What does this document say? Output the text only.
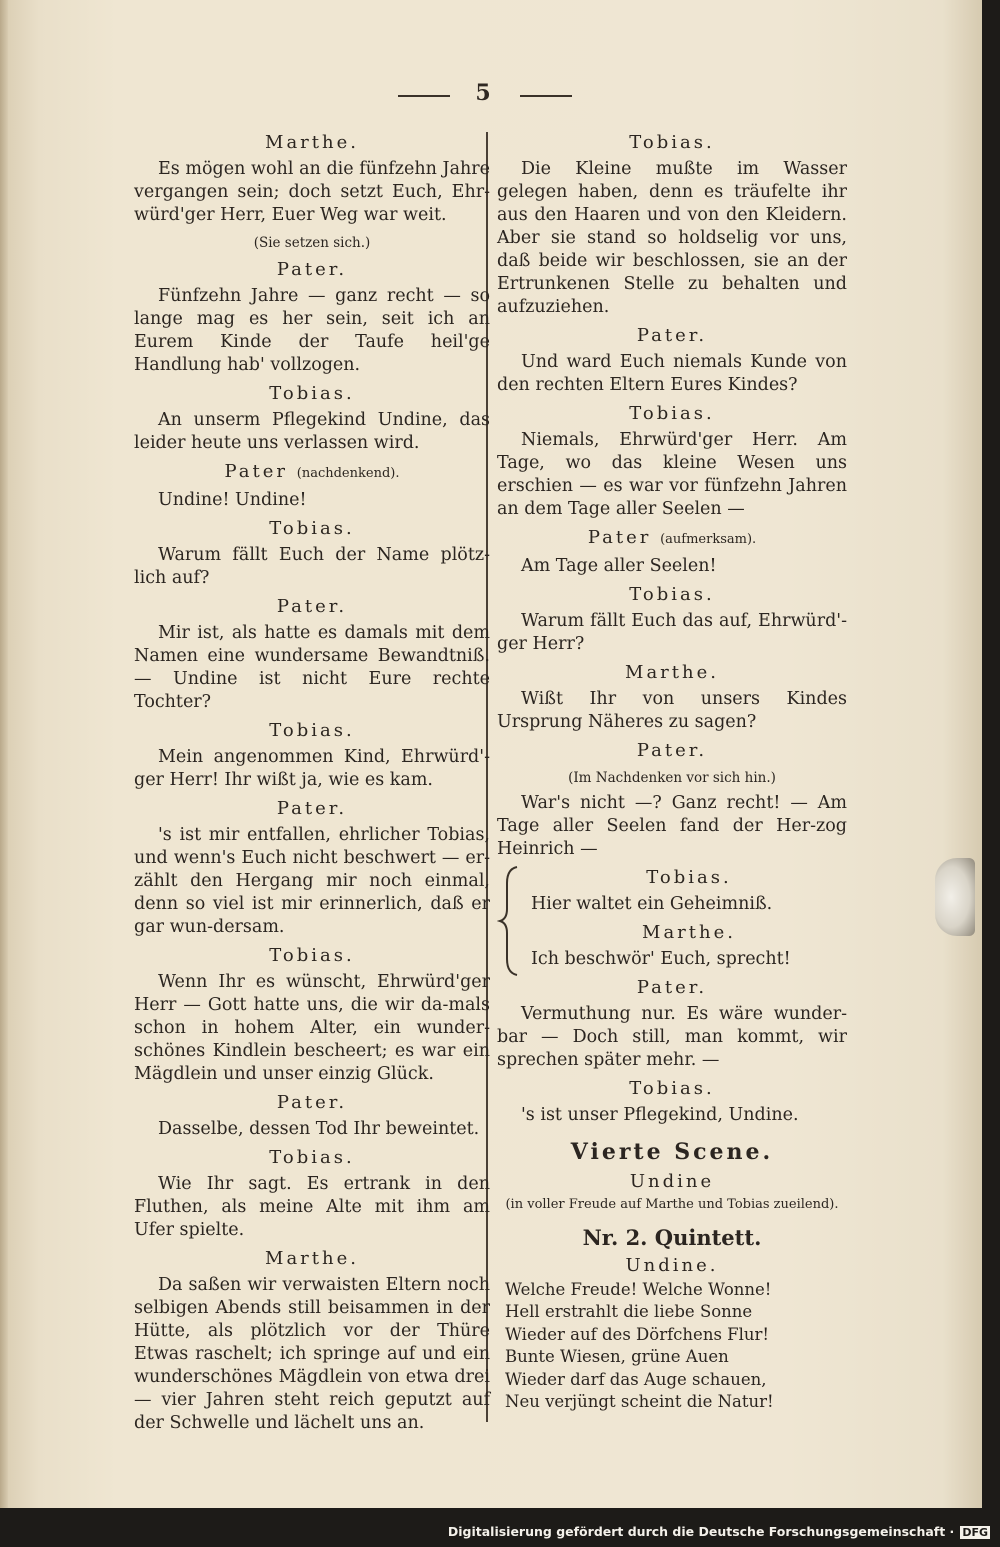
5
Marthe.
Es mögen wohl an die fünfzehn Jahre vergangen sein; doch setzt Euch, Ehr-würd'ger Herr, Euer Weg war weit.
(Sie setzen sich.)
Pater.
Fünfzehn Jahre — ganz recht — so lange mag es her sein, seit ich an Eurem Kinde der Taufe heil'ge Handlung hab' vollzogen.
Tobias.
An unserm Pflegekind Undine, das leider heute uns verlassen wird.
Pater (nachdenkend).
Undine! Undine!
Tobias.
Warum fällt Euch der Name plötz-lich auf?
Pater.
Mir ist, als hatte es damals mit dem Namen eine wundersame Bewandtniß. — Undine ist nicht Eure rechte Tochter?
Tobias.
Mein angenommen Kind, Ehrwürd'-ger Herr! Ihr wißt ja, wie es kam.
Pater.
's ist mir entfallen, ehrlicher Tobias, und wenn's Euch nicht beschwert — er-zählt den Hergang mir noch einmal, denn so viel ist mir erinnerlich, daß er gar wun-dersam.
Tobias.
Wenn Ihr es wünscht, Ehrwürd'ger Herr — Gott hatte uns, die wir da-mals schon in hohem Alter, ein wunder-schönes Kindlein bescheert; es war ein Mägdlein und unser einzig Glück.
Pater.
Dasselbe, dessen Tod Ihr beweintet.
Tobias.
Wie Ihr sagt. Es ertrank in den Fluthen, als meine Alte mit ihm am Ufer spielte.
Marthe.
Da saßen wir verwaisten Eltern noch selbigen Abends still beisammen in der Hütte, als plötzlich vor der Thüre Etwas raschelt; ich springe auf und ein wunderschönes Mägdlein von etwa drei — vier Jahren steht reich geputzt auf der Schwelle und lächelt uns an.
Tobias.
Die Kleine mußte im Wasser gelegen haben, denn es träufelte ihr aus den Haaren und von den Kleidern. Aber sie stand so holdselig vor uns, daß beide wir beschlossen, sie an der Ertrunkenen Stelle zu behalten und aufzuziehen.
Pater.
Und ward Euch niemals Kunde von den rechten Eltern Eures Kindes?
Tobias.
Niemals, Ehrwürd'ger Herr. Am Tage, wo das kleine Wesen uns erschien — es war vor fünfzehn Jahren an dem Tage aller Seelen —
Pater (aufmerksam).
Am Tage aller Seelen!
Tobias.
Warum fällt Euch das auf, Ehrwürd'-ger Herr?
Marthe.
Wißt Ihr von unsers Kindes Ursprung Näheres zu sagen?
Pater.
(Im Nachdenken vor sich hin.)
War's nicht —? Ganz recht! — Am Tage aller Seelen fand der Her-zog Heinrich —
Tobias.
Hier waltet ein Geheimniß.
Marthe.
Ich beschwör' Euch, sprecht!
Pater.
Vermuthung nur. Es wäre wunder-bar — Doch still, man kommt, wir sprechen später mehr. —
Tobias.
's ist unser Pflegekind, Undine.
Vierte Scene.
Undine
(in voller Freude auf Marthe und Tobias zueilend).
Nr. 2. Quintett.
Undine.
Welche Freude! Welche Wonne!
Hell erstrahlt die liebe Sonne
Wieder auf des Dörfchens Flur!
Bunte Wiesen, grüne Auen
Wieder darf das Auge schauen,
Neu verjüngt scheint die Natur!
Digitalisierung gefördert durch die Deutsche Forschungsgemeinschaft · DFG
